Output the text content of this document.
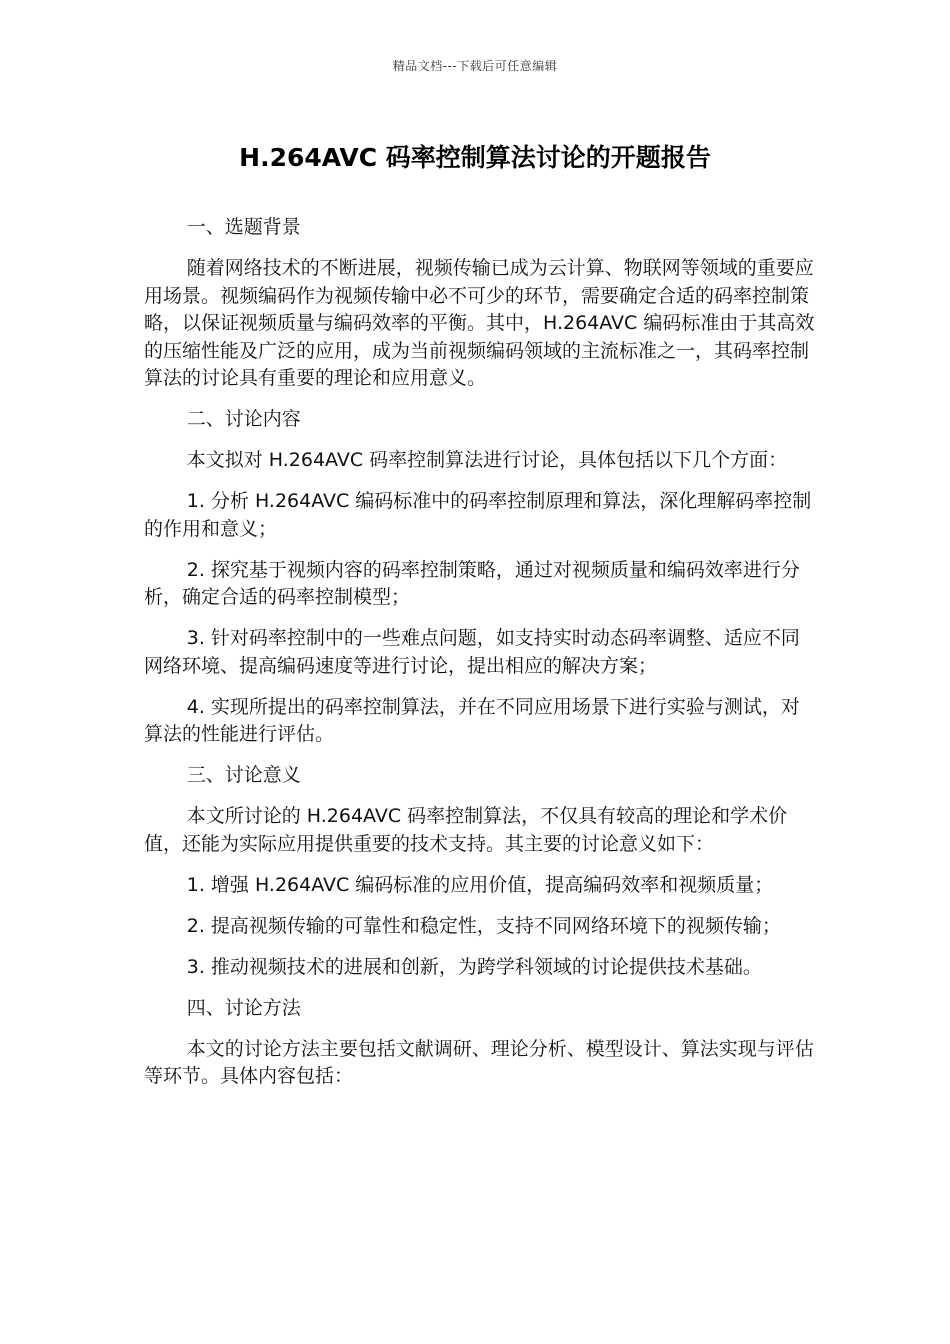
精品文档---下载后可任意编辑
H.264AVC 码率控制算法讨论的开题报告

一、选题背景

随着网络技术的不断进展，视频传输已成为云计算、物联网等领域的重要应用场景。视频编码作为视频传输中必不可少的环节，需要确定合适的码率控制策略，以保证视频质量与编码效率的平衡。其中，H.264AVC 编码标准由于其高效的压缩性能及广泛的应用，成为当前视频编码领域的主流标准之一，其码率控制算法的讨论具有重要的理论和应用意义。

二、讨论内容

本文拟对 H.264AVC 码率控制算法进行讨论，具体包括以下几个方面：

1. 分析 H.264AVC 编码标准中的码率控制原理和算法，深化理解码率控制的作用和意义；

2. 探究基于视频内容的码率控制策略，通过对视频质量和编码效率进行分析，确定合适的码率控制模型；

3. 针对码率控制中的一些难点问题，如支持实时动态码率调整、适应不同网络环境、提高编码速度等进行讨论，提出相应的解决方案；

4. 实现所提出的码率控制算法，并在不同应用场景下进行实验与测试，对算法的性能进行评估。

三、讨论意义

本文所讨论的 H.264AVC 码率控制算法，不仅具有较高的理论和学术价值，还能为实际应用提供重要的技术支持。其主要的讨论意义如下：

1. 增强 H.264AVC 编码标准的应用价值，提高编码效率和视频质量；

2. 提高视频传输的可靠性和稳定性，支持不同网络环境下的视频传输；

3. 推动视频技术的进展和创新，为跨学科领域的讨论提供技术基础。

四、讨论方法

本文的讨论方法主要包括文献调研、理论分析、模型设计、算法实现与评估等环节。具体内容包括：
